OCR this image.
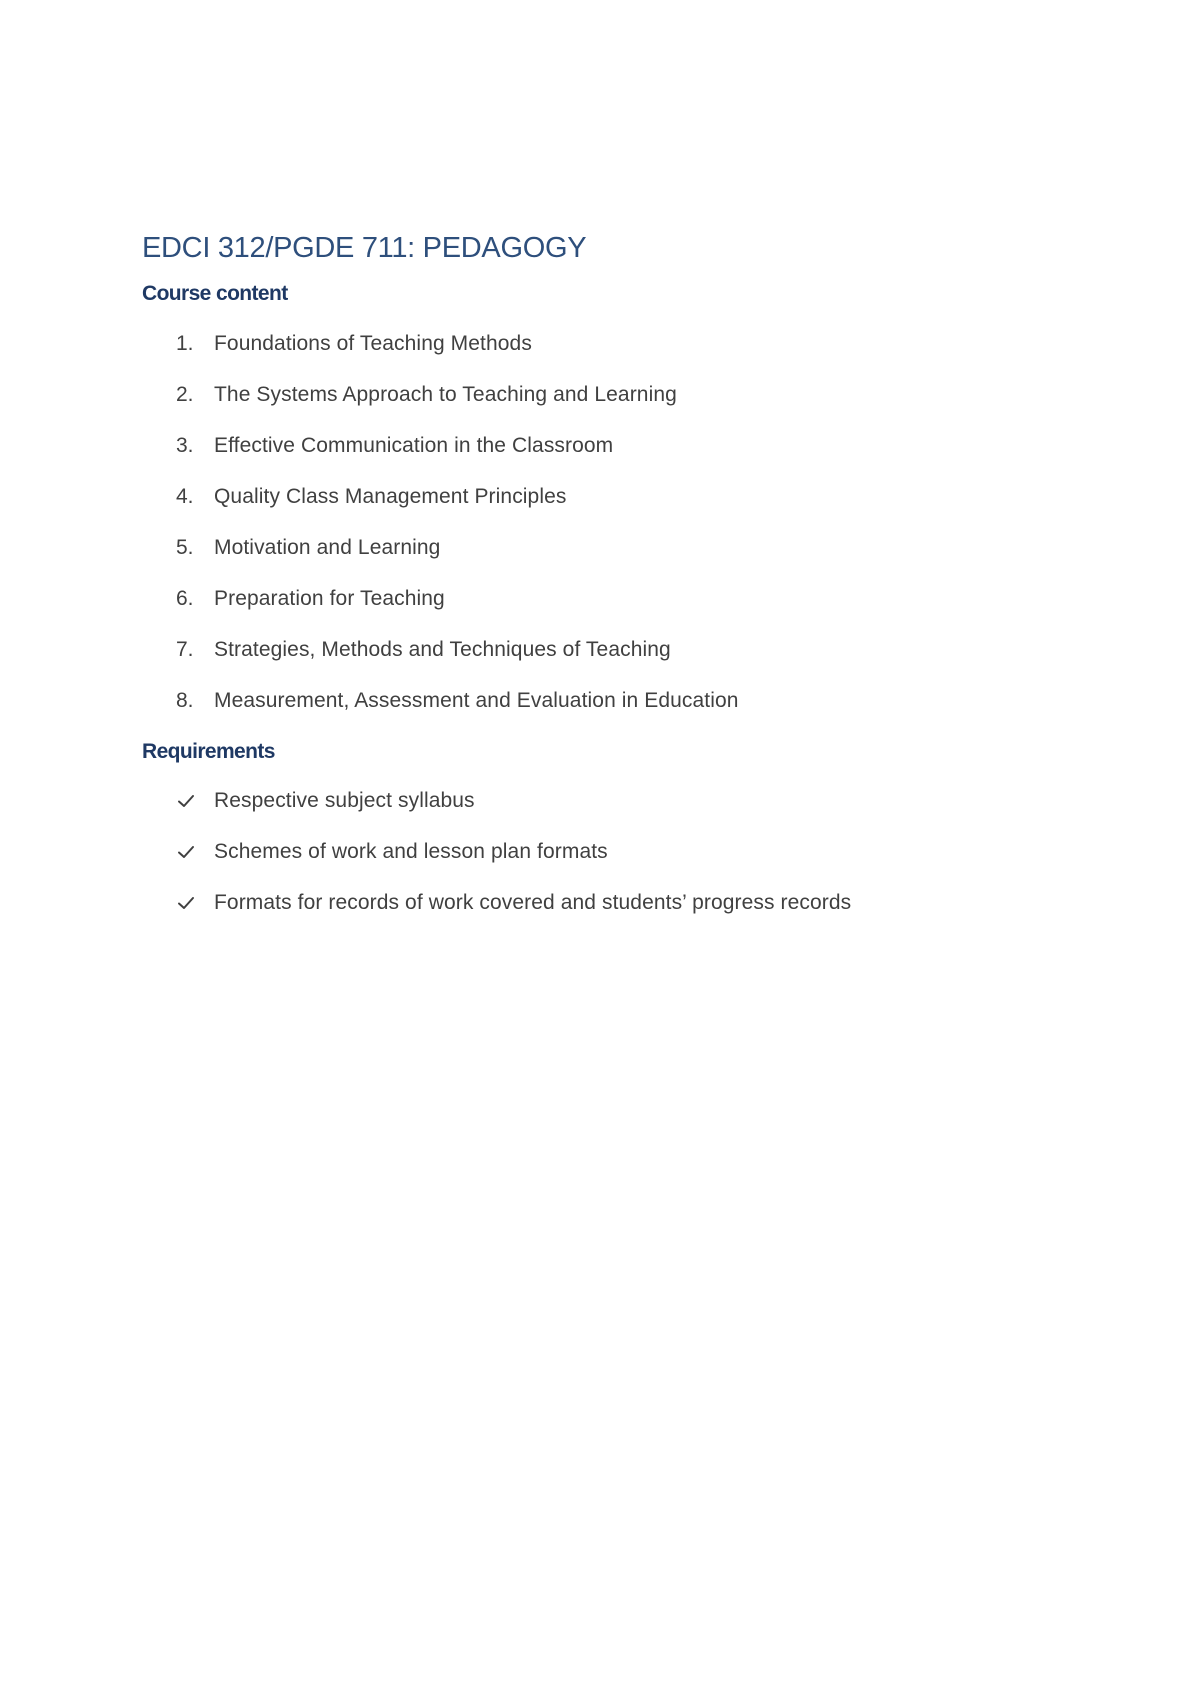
EDCI 312/PGDE 711: PEDAGOGY
Course content
1. Foundations of Teaching Methods
2. The Systems Approach to Teaching and Learning
3. Effective Communication in the Classroom
4. Quality Class Management Principles
5. Motivation and Learning
6. Preparation for Teaching
7. Strategies, Methods and Techniques of Teaching
8. Measurement, Assessment and Evaluation in Education
Requirements
Respective subject syllabus
Schemes of work and lesson plan formats
Formats for records of work covered and students’ progress records
